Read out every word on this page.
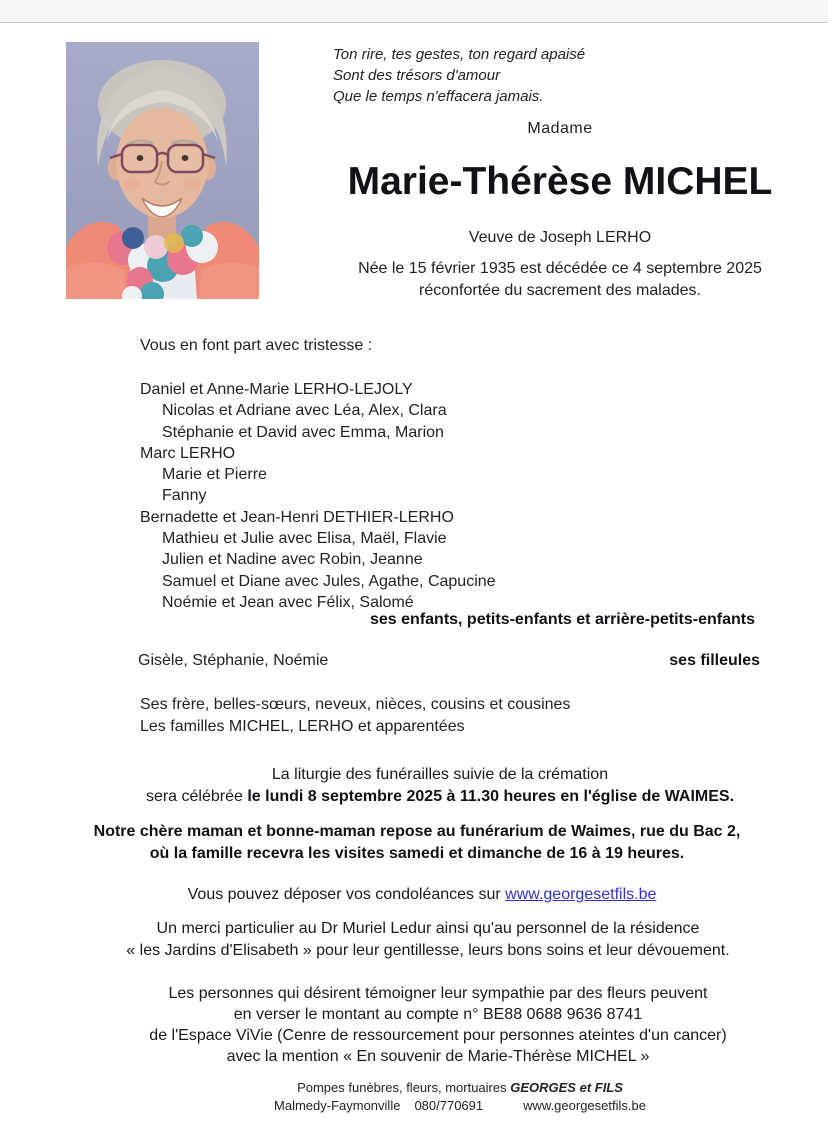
Ton rire, tes gestes, ton regard apaisé
Sont des trésors d'amour
Que le temps n'effacera jamais.
Madame
Marie-Thérèse MICHEL
Veuve de Joseph LERHO
Née le 15 février 1935 est décédée ce 4 septembre 2025
réconfortée du sacrement des malades.
Vous en font part avec tristesse :
Daniel et Anne-Marie LERHO-LEJOLY
Nicolas et Adriane avec Léa, Alex, Clara
Stéphanie et David avec Emma, Marion
Marc LERHO
Marie et Pierre
Fanny
Bernadette et Jean-Henri DETHIER-LERHO
Mathieu et Julie avec Elisa, Maël, Flavie
Julien et Nadine avec Robin, Jeanne
Samuel et Diane avec Jules, Agathe, Capucine
Noémie et Jean avec Félix, Salomé
ses enfants, petits-enfants et arrière-petits-enfants
Gisèle, Stéphanie, Noémie	ses filleules
Ses frère, belles-sœurs, neveux, nièces, cousins et cousines
Les familles MICHEL, LERHO et apparentées
La liturgie des funérailles suivie de la crémation
sera célébrée le lundi 8 septembre 2025 à 11.30 heures en l'église de WAIMES.
Notre chère maman et bonne-maman repose au funérarium de Waimes, rue du Bac 2,
où la famille recevra les visites samedi et dimanche de 16 à 19 heures.
Vous pouvez déposer vos condoléances sur www.georgesetfils.be
Un merci particulier au Dr Muriel Ledur ainsi qu'au personnel de la résidence
« les Jardins d'Elisabeth » pour leur gentillesse, leurs bons soins et leur dévouement.
Les personnes qui désirent témoigner leur sympathie par des fleurs peuvent
en verser le montant au compte n° BE88 0688 9636 8741
de l'Espace ViVie (Cenre de ressourcement pour personnes ateintes d'un cancer)
avec la mention « En souvenir de Marie-Thérèse MICHEL »
Pompes funèbres, fleurs, mortuaires GEORGES et FILS
Malmedy-Faymonville 080/770691	www.georgesetfils.be
